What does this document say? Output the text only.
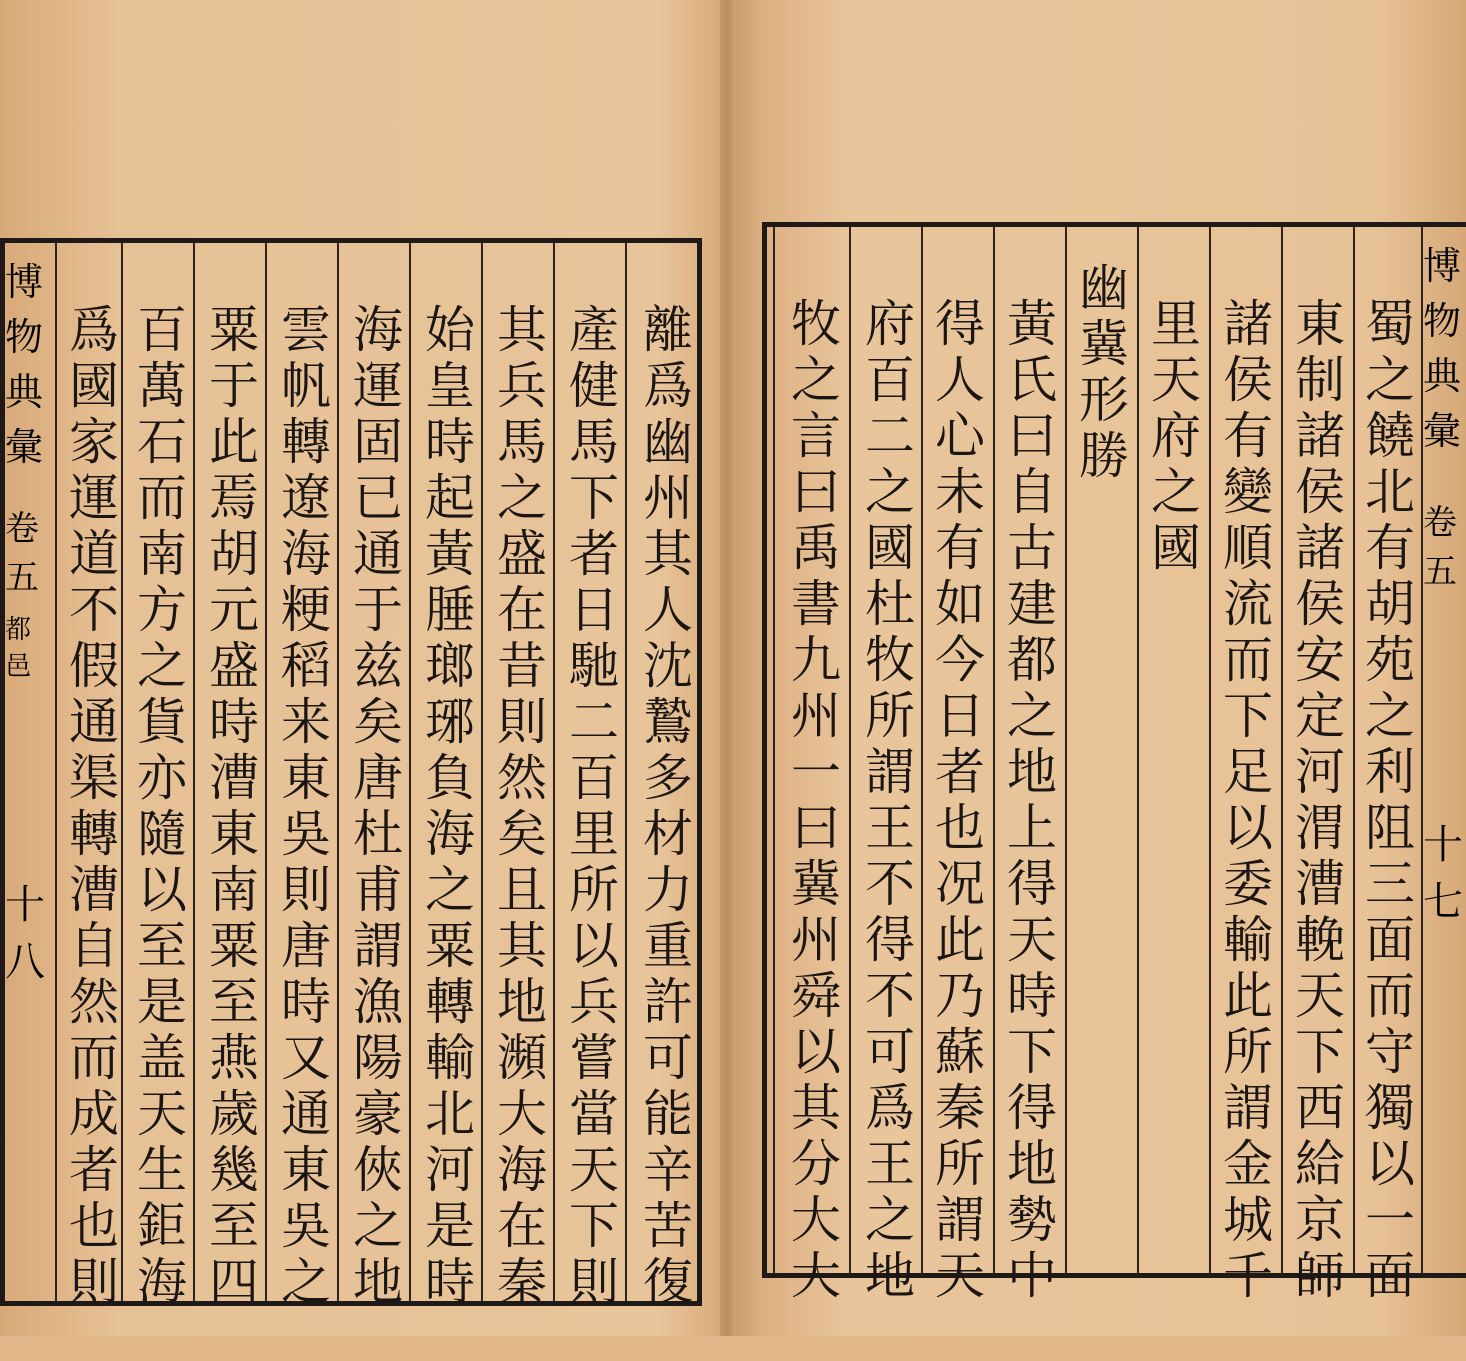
博物典彙
卷五
都邑
十八	離爲幽州其人沈鷙多材力重許可能辛苦復
產健馬下者日馳二百里所以兵嘗當天下則
其兵馬之盛在昔則然矣且其地瀕大海在秦
始皇時起黃腄瑯琊負海之粟轉輸北河是時
海運固已通于兹矣唐杜甫謂漁陽豪俠之地
雲帆轉遼海粳稻来東吳則唐時又通東吳之
粟于此焉胡元盛時漕東南粟至燕歲幾至四
百萬石而南方之貨亦隨以至是盖天生鉅海
爲國家運道不假通渠轉漕自然而成者也則	蜀之饒北有胡苑之利阻三面而守獨以一面
東制諸侯諸侯安定河渭漕輓天下西給京師
諸侯有變順流而下足以委輸此所謂金城千
里天府之國
幽冀形勝
黃氏曰自古建都之地上得天時下得地勢中
得人心未有如今日者也况此乃蘇秦所謂天
府百二之國杜牧所謂王不得不可爲王之地
牧之言曰禹書九州一曰冀州舜以其分大大
博物典彙
卷五
十七
